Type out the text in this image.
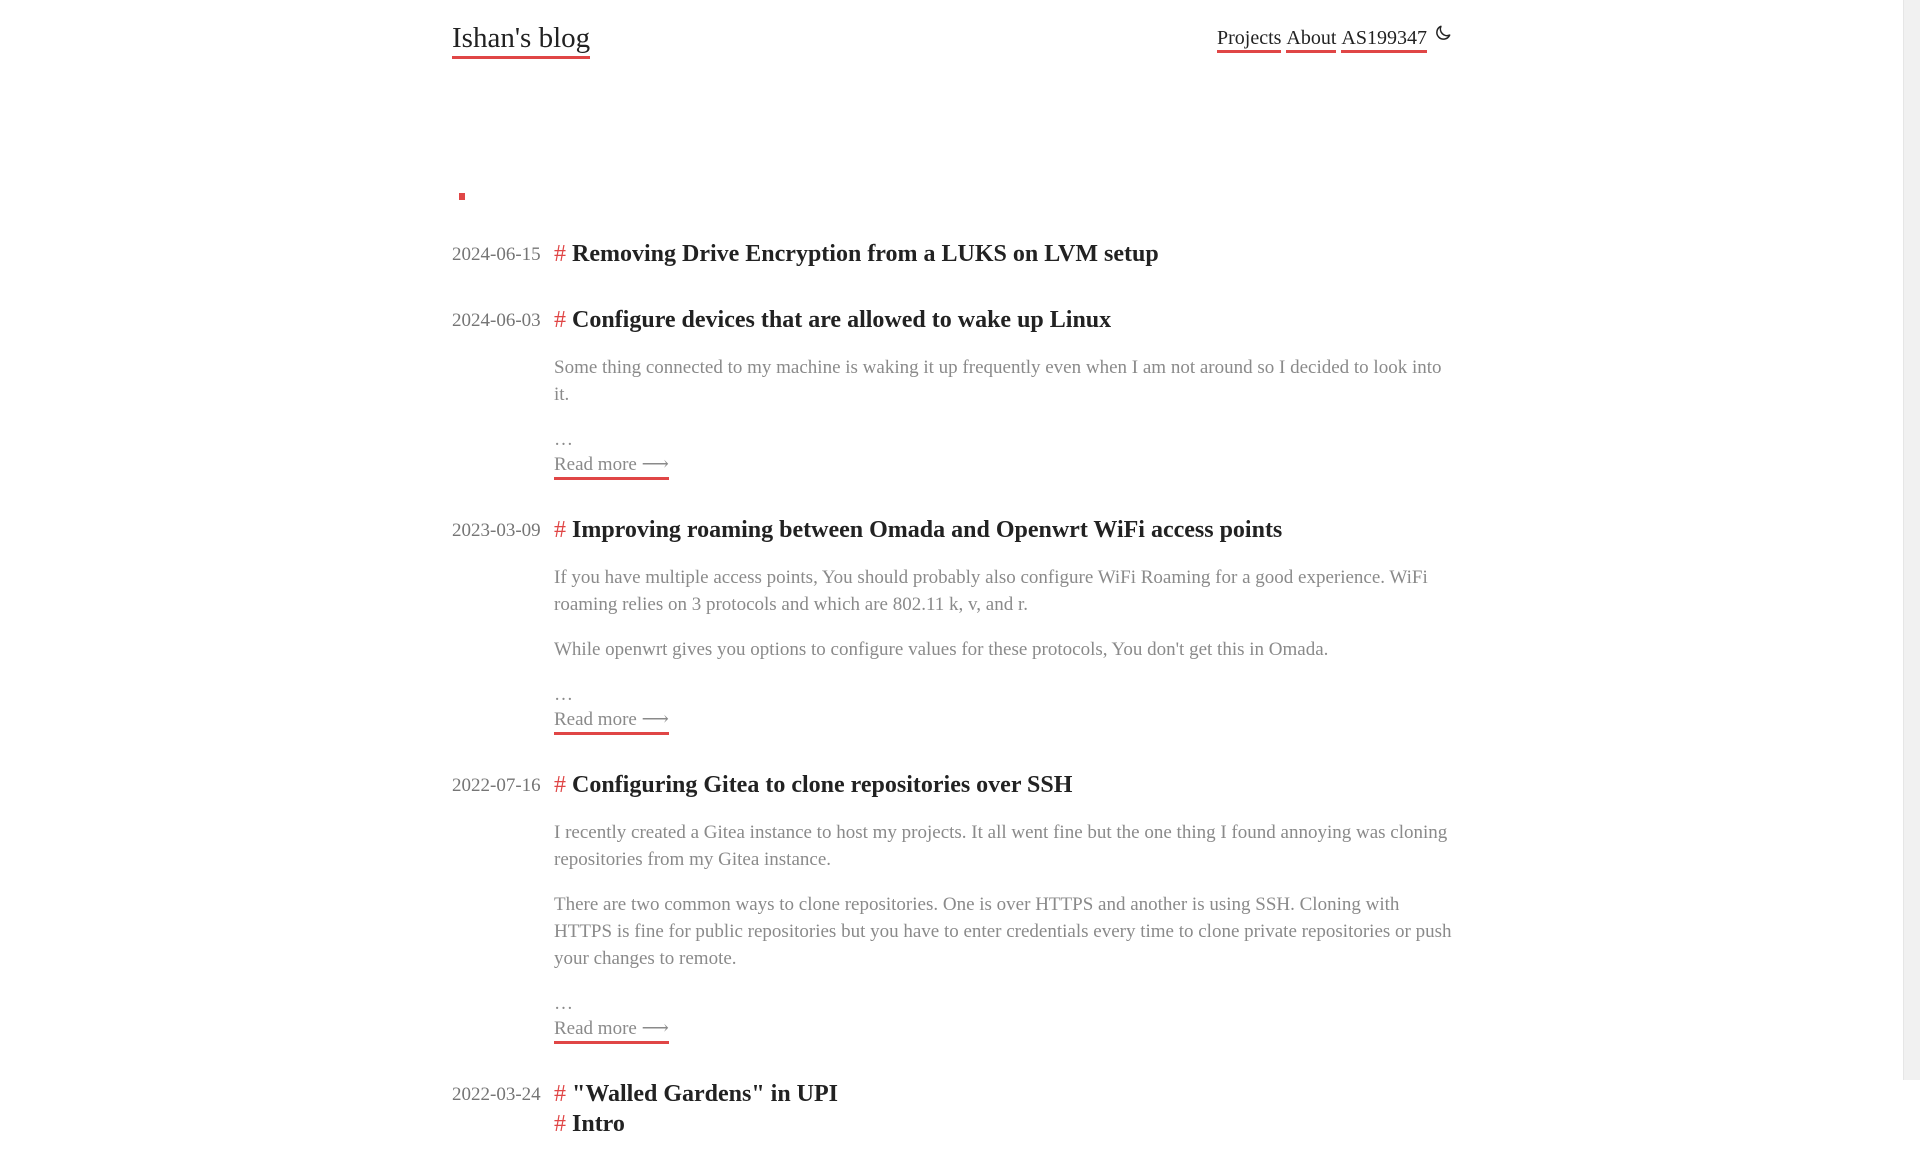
Ishan's blog	Projects About AS199347
2024-06-15 # Removing Drive Encryption from a LUKS on LVM setup
2024-06-03 # Configure devices that are allowed to wake up Linux

Some thing connected to my machine is waking it up frequently even when I am not around so I decided to look into it.

…

Read more ⟶
2023-03-09 # Improving roaming between Omada and Openwrt WiFi access points

If you have multiple access points, You should probably also configure WiFi Roaming for a good experience. WiFi roaming relies on 3 protocols and which are 802.11 k, v, and r.

While openwrt gives you options to configure values for these protocols, You don't get this in Omada.

…

Read more ⟶
2022-07-16 # Configuring Gitea to clone repositories over SSH

I recently created a Gitea instance to host my projects. It all went fine but the one thing I found annoying was cloning repositories from my Gitea instance.

There are two common ways to clone repositories. One is over HTTPS and another is using SSH. Cloning with HTTPS is fine for public repositories but you have to enter credentials every time to clone private repositories or push your changes to remote.

…

Read more ⟶
2022-03-24 # "Walled Gardens" in UPI
# Intro
